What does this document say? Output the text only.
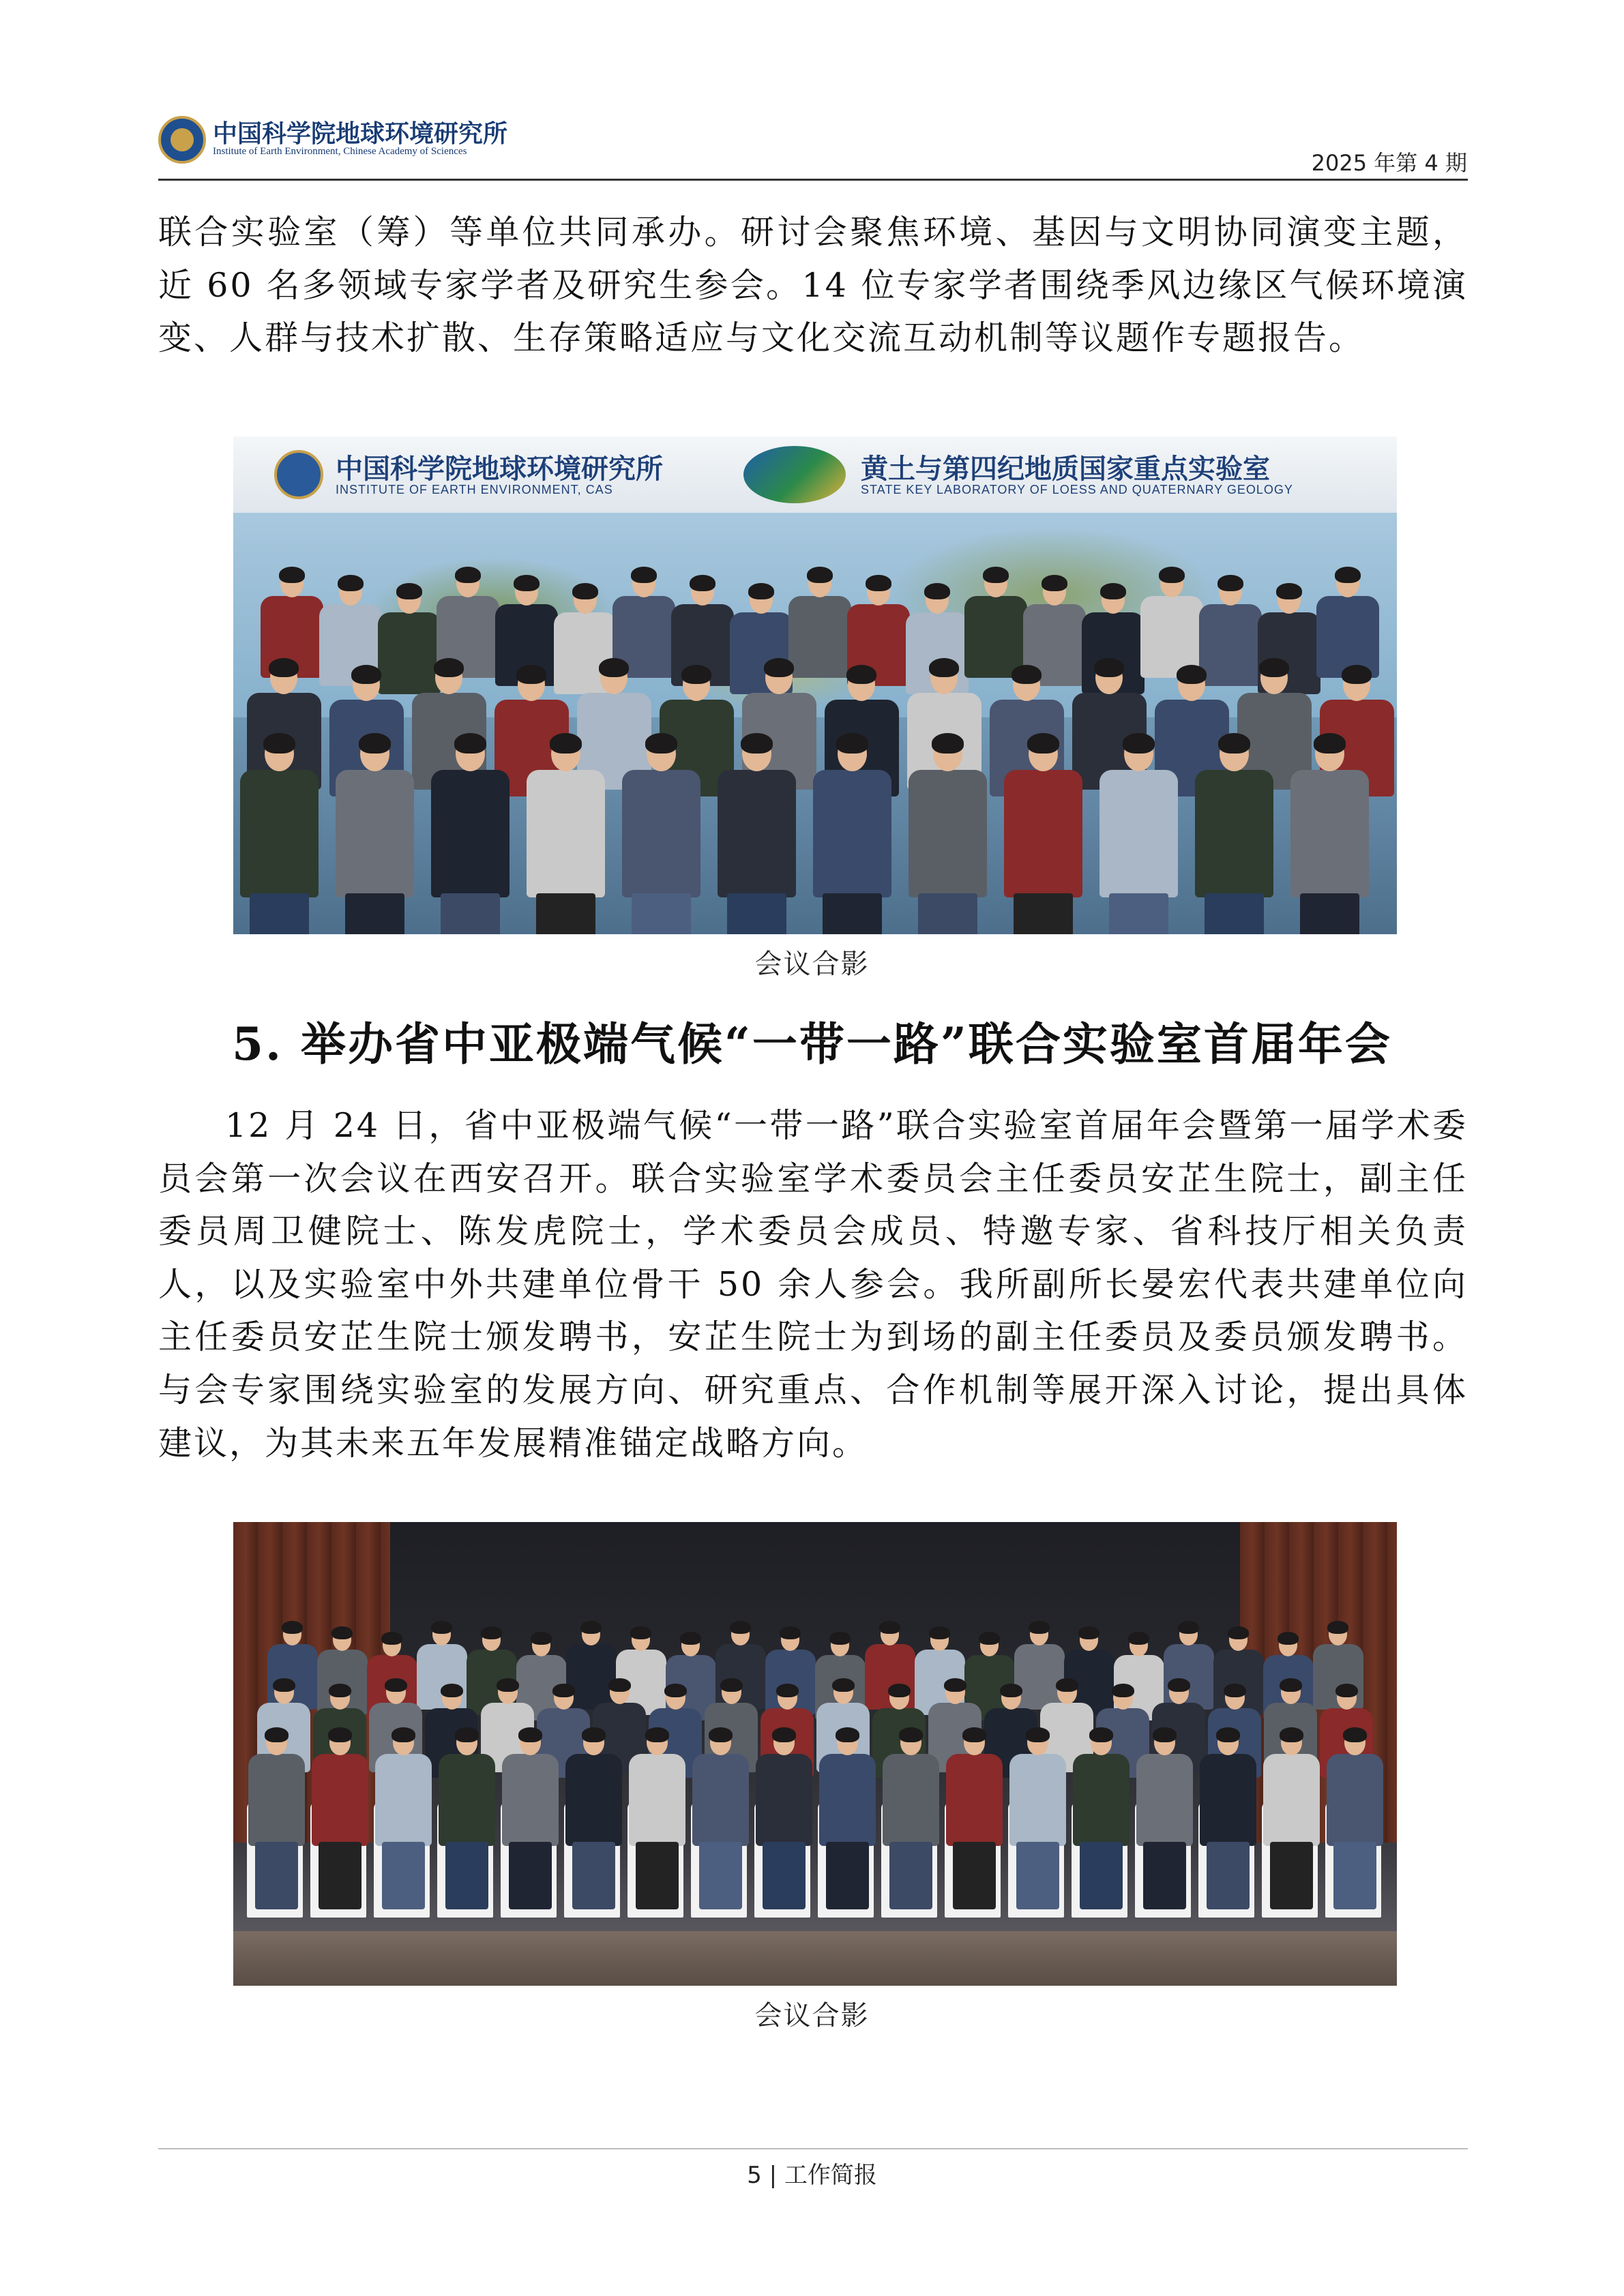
中国科学院地球环境研究所
Institute of Earth Environment, Chinese Academy of Sciences	2025 年第 4 期

联合实验室（筹）等单位共同承办。研讨会聚焦环境、基因与文明协同演变主题，近 60 名多领域专家学者及研究生参会。14 位专家学者围绕季风边缘区气候环境演变、人群与技术扩散、生存策略适应与文化交流互动机制等议题作专题报告。

中国科学院地球环境研究所
INSTITUTE OF EARTH ENVIRONMENT, CAS
黄土与第四纪地质国家重点实验室
STATE KEY LABORATORY OF LOESS AND QUATERNARY GEOLOGY
会议合影
5. 举办省中亚极端气候“一带一路”联合实验室首届年会

12 月 24 日，省中亚极端气候“一带一路”联合实验室首届年会暨第一届学术委员会第一次会议在西安召开。联合实验室学术委员会主任委员安芷生院士，副主任委员周卫健院士、陈发虎院士，学术委员会成员、特邀专家、省科技厅相关负责人，以及实验室中外共建单位骨干 50 余人参会。我所副所长晏宏代表共建单位向主任委员安芷生院士颁发聘书，安芷生院士为到场的副主任委员及委员颁发聘书。与会专家围绕实验室的发展方向、研究重点、合作机制等展开深入讨论，提出具体建议，为其未来五年发展精准锚定战略方向。

会议合影
5 | 工作简报
